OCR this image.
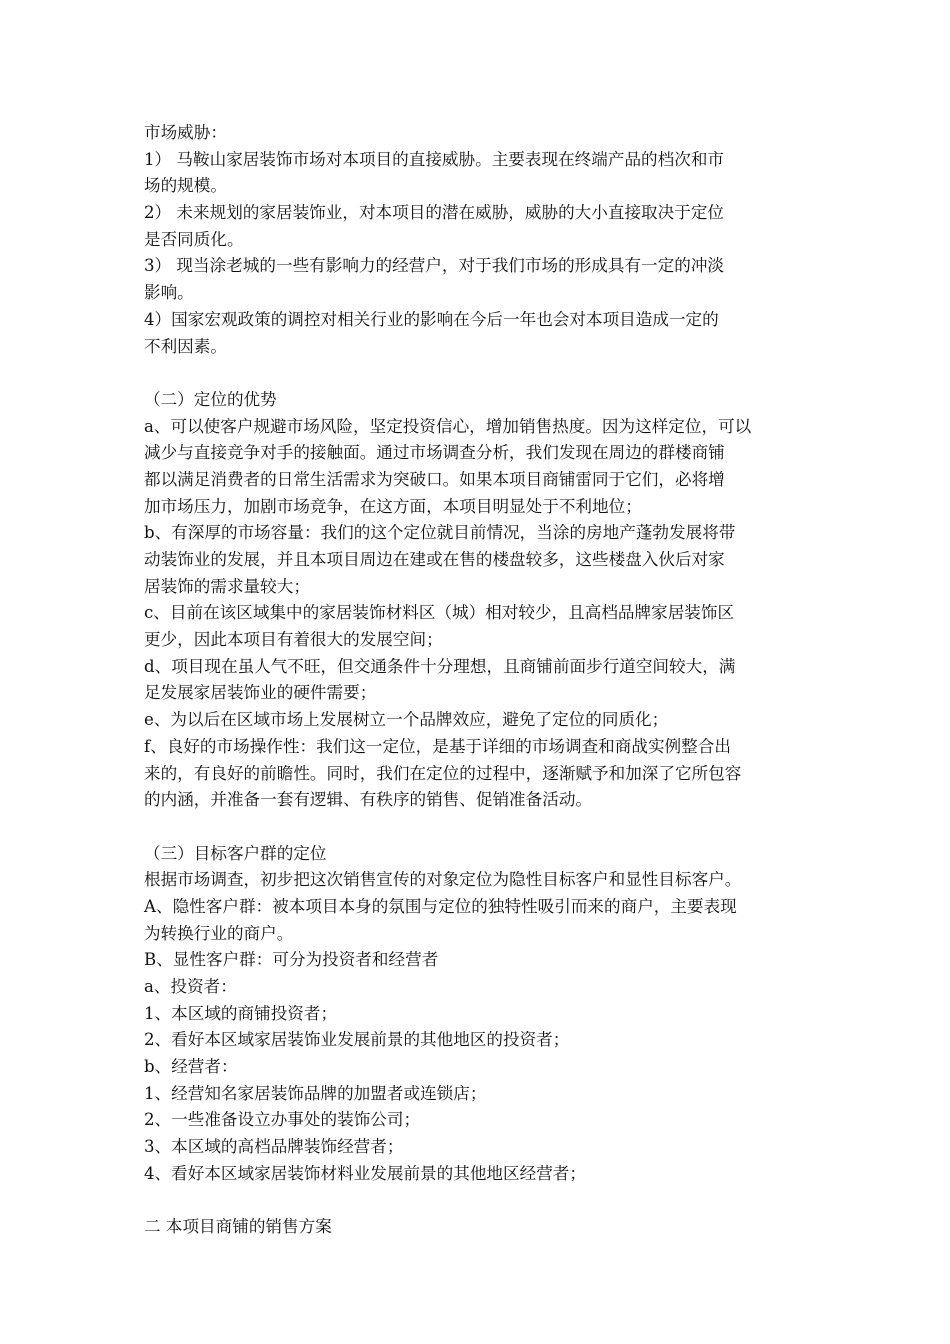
市场威胁：
1） 马鞍山家居装饰市场对本项目的直接威胁。主要表现在终端产品的档次和市
场的规模。
2） 未来规划的家居装饰业，对本项目的潜在威胁，威胁的大小直接取决于定位
是否同质化。
3） 现当涂老城的一些有影响力的经营户，对于我们市场的形成具有一定的冲淡
影响。
4）国家宏观政策的调控对相关行业的影响在今后一年也会对本项目造成一定的
不利因素。
（二）定位的优势
a、可以使客户规避市场风险，坚定投资信心，增加销售热度。因为这样定位，可以
减少与直接竞争对手的接触面。通过市场调查分析，我们发现在周边的群楼商铺
都以满足消费者的日常生活需求为突破口。如果本项目商铺雷同于它们，必将增
加市场压力，加剧市场竞争，在这方面，本项目明显处于不利地位；
b、有深厚的市场容量：我们的这个定位就目前情况，当涂的房地产蓬勃发展将带
动装饰业的发展，并且本项目周边在建或在售的楼盘较多，这些楼盘入伙后对家
居装饰的需求量较大；
c、目前在该区域集中的家居装饰材料区（城）相对较少，且高档品牌家居装饰区
更少，因此本项目有着很大的发展空间；
d、项目现在虽人气不旺，但交通条件十分理想，且商铺前面步行道空间较大，满
足发展家居装饰业的硬件需要；
e、为以后在区域市场上发展树立一个品牌效应，避免了定位的同质化；
f、良好的市场操作性：我们这一定位，是基于详细的市场调查和商战实例整合出
来的，有良好的前瞻性。同时，我们在定位的过程中，逐渐赋予和加深了它所包容
的内涵，并准备一套有逻辑、有秩序的销售、促销准备活动。
（三）目标客户群的定位
根据市场调查，初步把这次销售宣传的对象定位为隐性目标客户和显性目标客户。
A、隐性客户群：被本项目本身的氛围与定位的独特性吸引而来的商户，主要表现
为转换行业的商户。
B、显性客户群：可分为投资者和经营者
a、投资者：
1、本区域的商铺投资者；
2、看好本区域家居装饰业发展前景的其他地区的投资者；
b、经营者：
1、经营知名家居装饰品牌的加盟者或连锁店；
2、一些准备设立办事处的装饰公司；
3、本区域的高档品牌装饰经营者；
4、看好本区域家居装饰材料业发展前景的其他地区经营者；
二 本项目商铺的销售方案
